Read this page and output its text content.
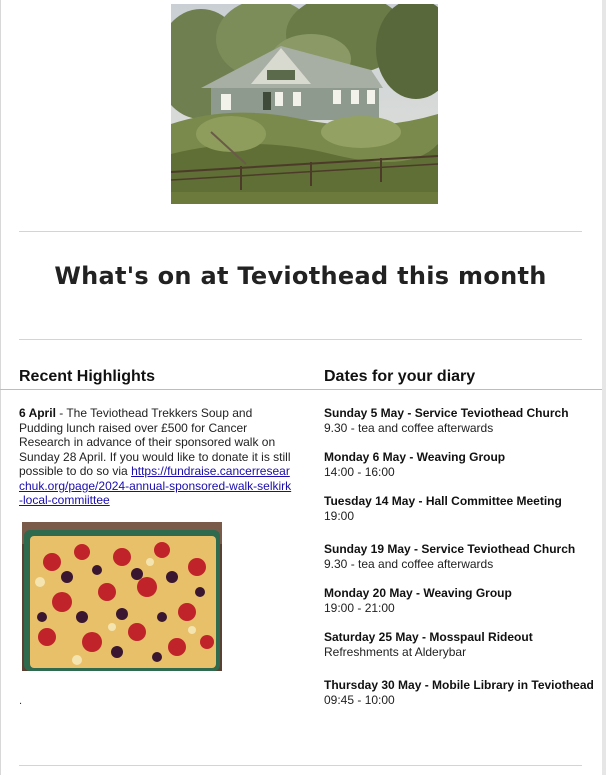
What's on at Teviothead this month
Recent Highlights	Dates for your diary
6 April - The Teviothead Trekkers Soup and Pudding lunch raised over £500 for Cancer Research in advance of their sponsored walk on Sunday 28 April. If you would like to donate it is still possible to do so via https://fundraise.cancerresearchuk.org/page/2024-annual-sponsored-walk-selkirk-local-commiittee
.
Sunday 5 May - Service Teviothead Church
9.30 - tea and coffee afterwards
Monday 6 May - Weaving Group
14:00 - 16:00
Tuesday 14 May - Hall Committee Meeting
19:00
Sunday 19 May - Service Teviothead Church
9.30 - tea and coffee afterwards
Monday 20 May - Weaving Group
19:00 - 21:00
Saturday 25 May - Mosspaul Rideout
Refreshments at Alderybar
Thursday 30 May - Mobile Library in Teviothead
09:45 - 10:00
